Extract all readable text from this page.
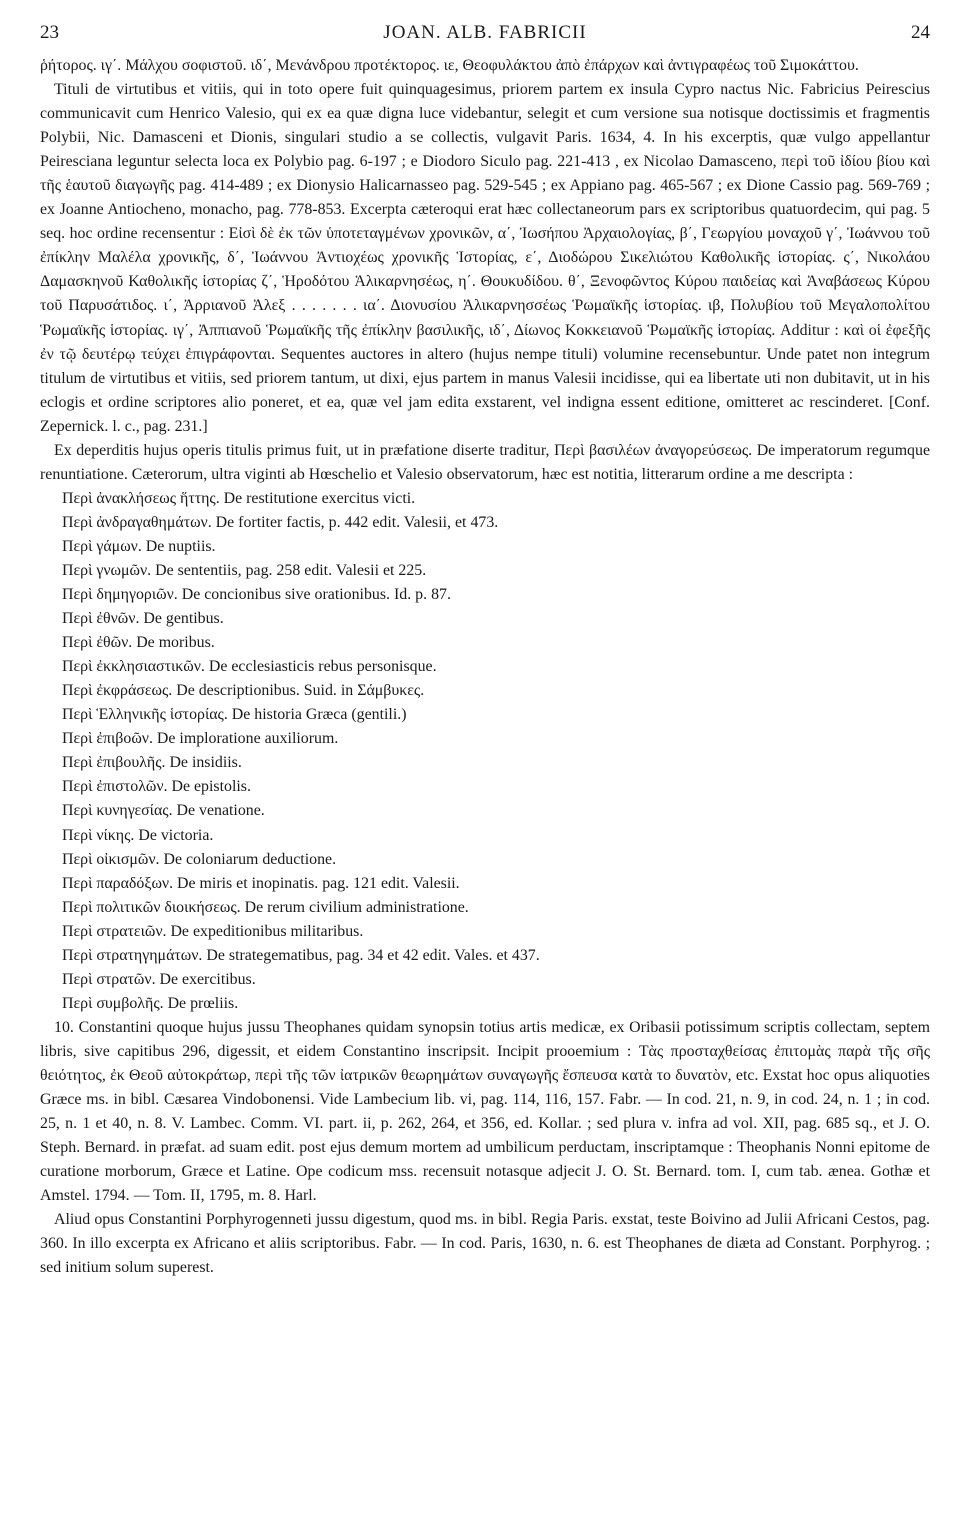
23	JOAN. ALB. FABRICII	24

ῥήτορος. ιγ΄. Μάλχου σοφιστοῦ. ιδ΄, Μενάνδρου προτέκτορος. ιε, Θεοφυλάκτου ἀπὸ ἐπάρχων καὶ ἀντιγραφέως τοῦ Σιμοκάττου.

Tituli de virtutibus et vitiis, qui in toto opere fuit quinquagesimus, priorem partem ex insula Cypro nactus Nic. Fabricius Peirescius communicavit cum Henrico Valesio, qui ex ea quæ digna luce videbantur, selegit et cum versione sua notisque doctissimis et fragmentis Polybii, Nic. Damasceni et Dionis, singulari studio a se collectis, vulgavit Paris. 1634, 4. In his excerptis, quæ vulgo appellantur Peiresciana leguntur selecta loca ex Polybio pag. 6-197 ; e Diodoro Siculo pag. 221-413 , ex Nicolao Damasceno, περὶ τοῦ ἰδίου βίου καὶ τῆς ἑαυτοῦ διαγωγῆς pag. 414-489 ; ex Dionysio Halicarnasseo pag. 529-545 ; ex Appiano pag. 465-567 ; ex Dione Cassio pag. 569-769 ; ex Joanne Antiocheno, monacho, pag. 778-853. Excerpta cæteroqui erat hæc collectaneorum pars ex scriptoribus quatuordecim, qui pag. 5 seq. hoc ordine recensentur : Εἰσὶ δὲ ἐκ τῶν ὑποτεταγμένων χρονικῶν, α΄, Ἰωσήπου Ἀρχαιολογίας, β΄, Γεωργίου μοναχοῦ γ΄, Ἰωάννου τοῦ ἐπίκλην Μαλέλα χρονικῆς, δ΄, Ἰωάννου Ἀντιοχέως χρονικῆς Ἱστορίας, ε΄, Διοδώρου Σικελιώτου Καθολικῆς ἱστορίας. ς΄, Νικολάου Δαμασκηνοῦ Καθολικῆς ἱστορίας ζ΄, Ἡροδότου Ἁλικαρνησέως, η΄. Θουκυδίδου. θ΄, Ξενοφῶντος Κύρου παιδείας καὶ Ἀναβάσεως Κύρου τοῦ Παρυσάτιδος. ι΄, Ἀρριανοῦ Ἀλεξ . . . . . . . ια΄. Διονυσίου Ἁλικαρνησσέως Ῥωμαϊκῆς ἱστορίας. ιβ, Πολυβίου τοῦ Μεγαλοπολίτου Ῥωμαϊκῆς ἱστορίας. ιγ΄, Ἀππιανοῦ Ῥωμαϊκῆς τῆς ἐπίκλην βασιλικῆς, ιδ΄, Δίωνος Κοκκειανοῦ Ῥωμαϊκῆς ἱστορίας. Additur : καὶ οἱ ἐφεξῆς ἐν τῷ δευτέρῳ τεύχει ἐπιγράφονται. Sequentes auctores in altero (hujus nempe tituli) volumine recensebuntur. Unde patet non integrum titulum de virtutibus et vitiis, sed priorem tantum, ut dixi, ejus partem in manus Valesii incidisse, qui ea libertate uti non dubitavit, ut in his eclogis et ordine scriptores alio poneret, et ea, quæ vel jam edita exstarent, vel indigna essent editione, omitteret ac rescinderet. [Conf. Zepernick. l. c., pag. 231.]

Ex deperditis hujus operis titulis primus fuit, ut in præfatione diserte traditur, Περὶ βασιλέων ἀναγορεύσεως. De imperatorum regumque renuntiatione. Cæterorum, ultra viginti ab Hœschelio et Valesio observatorum, hæc est notitia, litterarum ordine a me descripta :

Περὶ ἀνακλήσεως ἥττης. De restitutione exercitus victi.
Περὶ ἀνδραγαθημάτων. De fortiter factis, p. 442 edit. Valesii, et 473.
Περὶ γάμων. De nuptiis.
Περὶ γνωμῶν. De sententiis, pag. 258 edit. Valesii et 225.
Περὶ δημηγοριῶν. De concionibus sive orationibus. Id. p. 87.
Περὶ ἐθνῶν. De gentibus.
Περὶ ἐθῶν. De moribus.
Περὶ ἐκκλησιαστικῶν. De ecclesiasticis rebus personisque.
Περὶ ἐκφράσεως. De descriptionibus. Suid. in Σάμβυκες.
Περὶ Ἑλληνικῆς ἱστορίας. De historia Græca (gentili.)
Περὶ ἐπιβοῶν. De imploratione auxiliorum.
Περὶ ἐπιβουλῆς. De insidiis.
Περὶ ἐπιστολῶν. De epistolis.
Περὶ κυνηγεσίας. De venatione.
Περὶ νίκης. De victoria.
Περὶ οἰκισμῶν. De coloniarum deductione.
Περὶ παραδόξων. De miris et inopinatis. pag. 121 edit. Valesii.
Περὶ πολιτικῶν διοικήσεως. De rerum civilium administratione.
Περὶ στρατειῶν. De expeditionibus militaribus.
Περὶ στρατηγημάτων. De strategematibus, pag. 34 et 42 edit. Vales. et 437.
Περὶ στρατῶν. De exercitibus.
Περὶ συμβολῆς. De prœliis.

10. Constantini quoque hujus jussu Theophanes quidam synopsin totius artis medicæ, ex Oribasii potissimum scriptis collectam, septem libris, sive capitibus 296, digessit, et eidem Constantino inscripsit. Incipit prooemium : Τὰς προσταχθείσας ἐπιτομὰς παρὰ τῆς σῆς θειότητος, ἐκ Θεοῦ αὐτοκράτωρ, περὶ τῆς τῶν ἰατρικῶν θεωρημάτων συναγωγῆς ἔσπευσα κατὰ το δυνατὸν, etc. Exstat hoc opus aliquoties Græce ms. in bibl. Cæsarea Vindobonensi. Vide Lambecium lib. vi, pag. 114, 116, 157. Fabr. — In cod. 21, n. 9, in cod. 24, n. 1 ; in cod. 25, n. 1 et 40, n. 8. V. Lambec. Comm. VI. part. ii, p. 262, 264, et 356, ed. Kollar. ; sed plura v. infra ad vol. XII, pag. 685 sq., et J. O. Steph. Bernard. in præfat. ad suam edit. post ejus demum mortem ad umbilicum perductam, inscriptamque : Theophanis Nonni epitome de curatione morborum, Græce et Latine. Ope codicum mss. recensuit notasque adjecit J. O. St. Bernard. tom. I, cum tab. ænea. Gothæ et Amstel. 1794. — Tom. II, 1795, m. 8. Harl.

Aliud opus Constantini Porphyrogenneti jussu digestum, quod ms. in bibl. Regia Paris. exstat, teste Boivino ad Julii Africani Cestos, pag. 360. In illo excerpta ex Africano et aliis scriptoribus. Fabr. — In cod. Paris, 1630, n. 6. est Theophanes de diæta ad Constant. Porphyrog. ; sed initium solum superest.
